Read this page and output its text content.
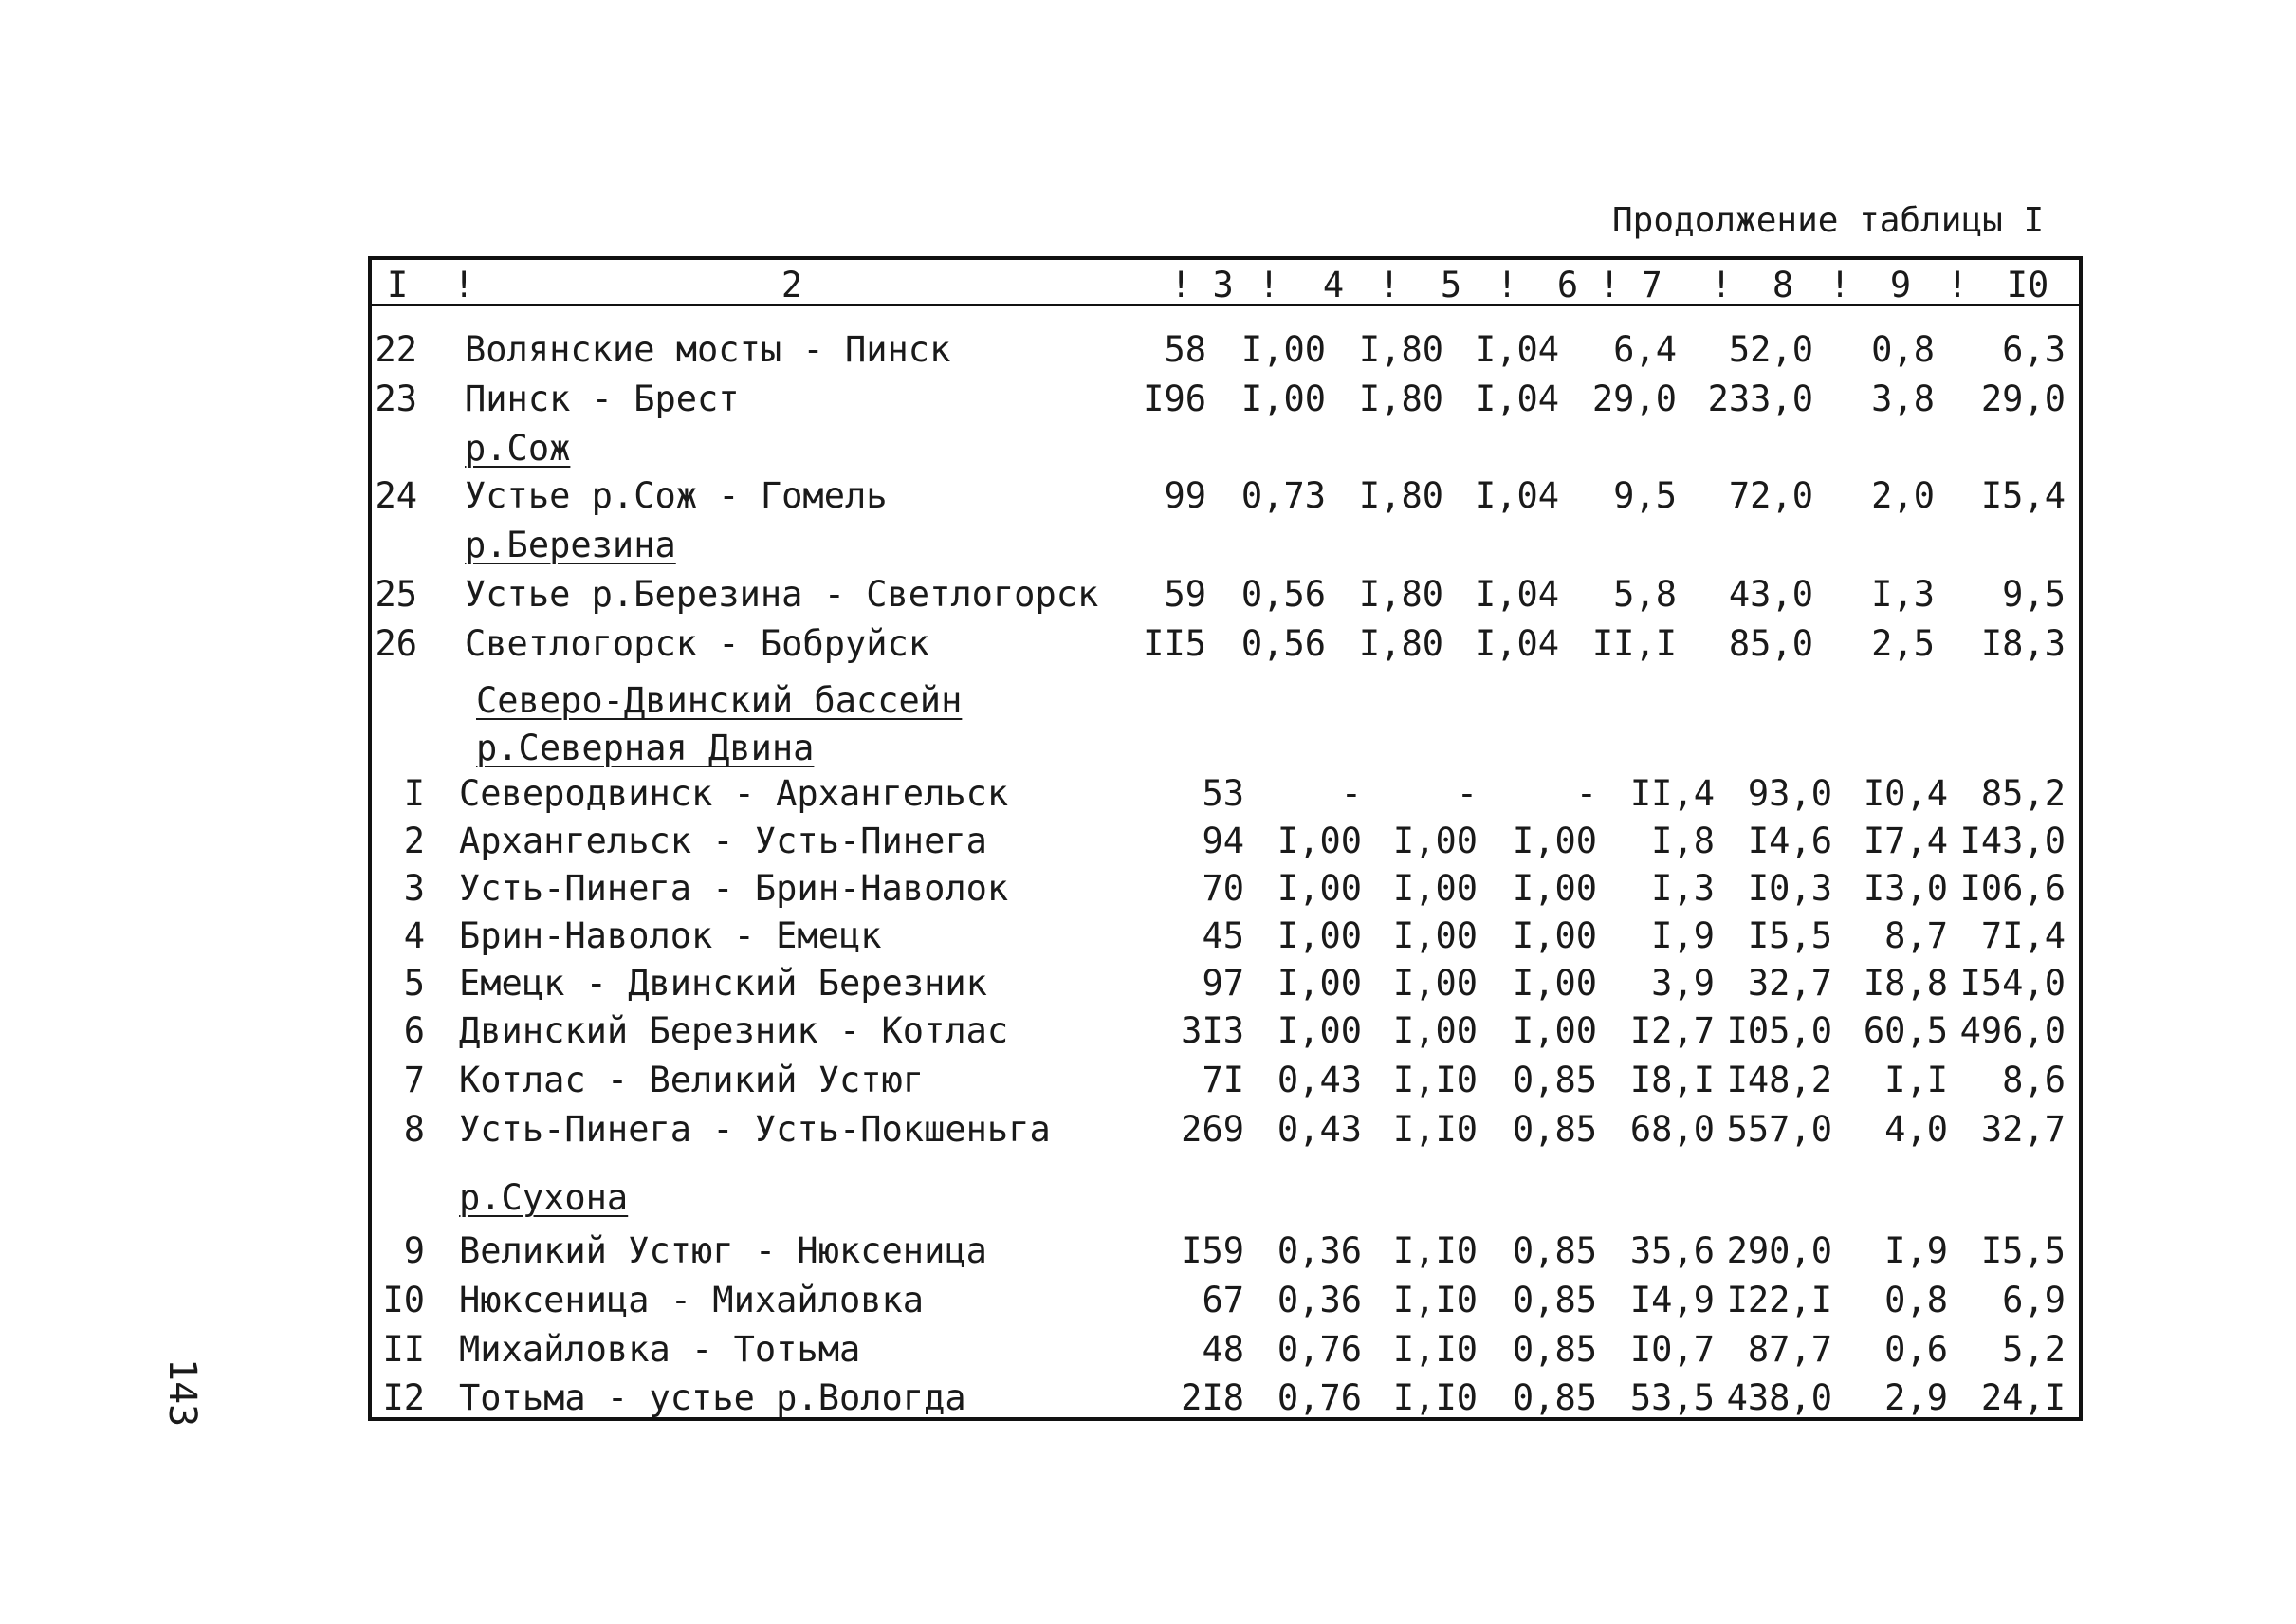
Продолжение таблицы I
I !	2	! 3 !	4 !	5 !	6 ! 7	!	8	!	9	!	I0
22 Волянские мосты - Пинск	58 I,00 I,80 I,04	6,4	52,0	0,8	6,3
23 Пинск - Брест	I96 I,00 I,80 I,04 29,0 233,0	3,8	29,0
р.Сож
24 Устье р.Сож - Гомель	99 0,73 I,80 I,04	9,5	72,0	2,0	I5,4
р.Березина
25 Устье р.Березина - Светлогорск	59 0,56 I,80 I,04	5,8	43,0	I,3	9,5
26 Светлогорск - Бобруйск	II5 0,56 I,80 I,04 II,I	85,0	2,5	I8,3
Северо-Двинский бассейн
р.Северная Двина
I Северодвинск - Архангельск	53	-	-	- II,4 93,0 I0,4 85,2
2 Архангельск - Усть-Пинега	94 I,00 I,00 I,00	I,8 I4,6 I7,4 I43,0
3 Усть-Пинега - Брин-Наволок	70 I,00 I,00 I,00	I,3 I0,3 I3,0 I06,6
4 Брин-Наволок - Емецк	45 I,00 I,00 I,00	I,9 I5,5	8,7 7I,4
5 Емецк - Двинский Березник	97 I,00 I,00 I,00	3,9 32,7 I8,8 I54,0
6 Двинский Березник - Котлас	3I3 I,00 I,00 I,00 I2,7 I05,0 60,5 496,0
7 Котлас - Великий Устюг	7I 0,43 I,I0 0,85 I8,I I48,2	I,I	8,6
8 Усть-Пинега - Усть-Покшеньга	269 0,43 I,I0 0,85 68,0 557,0	4,0 32,7
р.Сухона
9 Великий Устюг - Нюксеница	I59 0,36 I,I0 0,85 35,6 290,0	I,9 I5,5
I0 Нюксеница - Михайловка	67 0,36 I,I0 0,85 I4,9 I22,I	0,8	6,9
II Михайловка - Тотьма	48 0,76 I,I0 0,85 I0,7 87,7	0,6	5,2
I2 Тотьма - устье р.Вологда	2I8 0,76 I,I0 0,85 53,5 438,0	2,9 24,I
143
